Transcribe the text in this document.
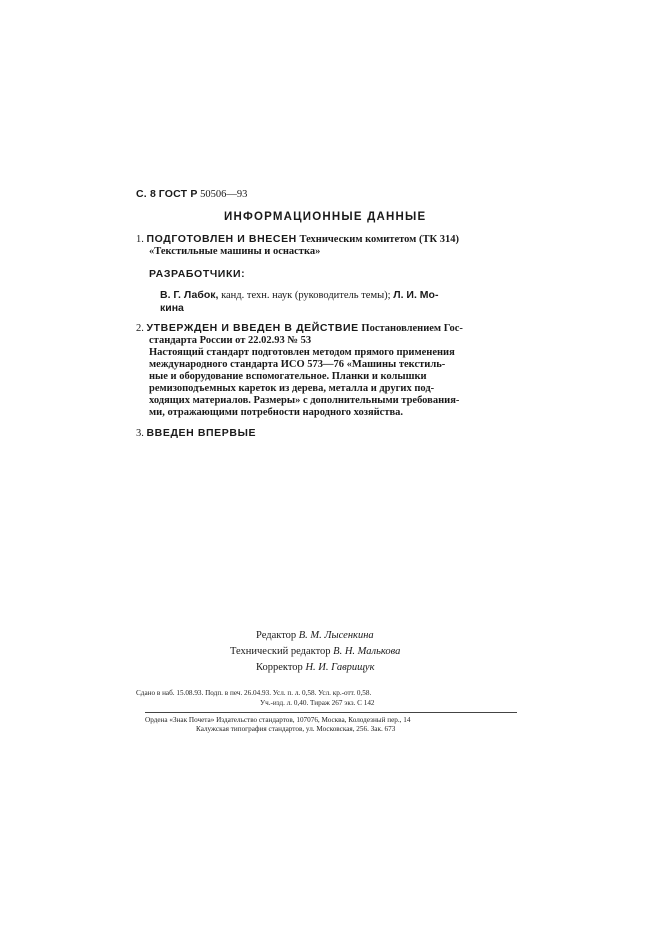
С. 8 ГОСТ Р 50506—93
ИНФОРМАЦИОННЫЕ ДАННЫЕ
1. ПОДГОТОВЛЕН И ВНЕСЕН Техническим комитетом (ТК 314)
«Текстильные машины и оснастка»
РАЗРАБОТЧИКИ:
В. Г. Лабок, канд. техн. наук (руководитель темы); Л. И. Мо-
кина
2. УТВЕРЖДЕН И ВВЕДЕН В ДЕЙСТВИЕ Постановлением Гос-
стандарта России от 22.02.93 № 53
Настоящий стандарт подготовлен методом прямого применения
международного стандарта ИСО 573—76 «Машины текстиль-
ные и оборудование вспомогательное. Планки и колышки
ремизоподъемных кареток из дерева, металла и других под-
ходящих материалов. Размеры» с дополнительными требования-
ми, отражающими потребности народного хозяйства.
3. ВВЕДЕН ВПЕРВЫЕ
Редактор В. М. Лысенкина
Технический редактор В. Н. Малькова
Корректор Н. И. Гаврищук
Сдано в наб. 15.08.93. Подп. в печ. 26.04.93. Усл. п. л. 0,58. Усл. кр.-отт. 0,58.
Уч.-изд. л. 0,40. Тираж 267 экз. С 142
Ордена «Знак Почета» Издательство стандартов, 107076, Москва, Колодезный пер., 14
Калужская типография стандартов, ул. Московская, 256. Зак. 673
